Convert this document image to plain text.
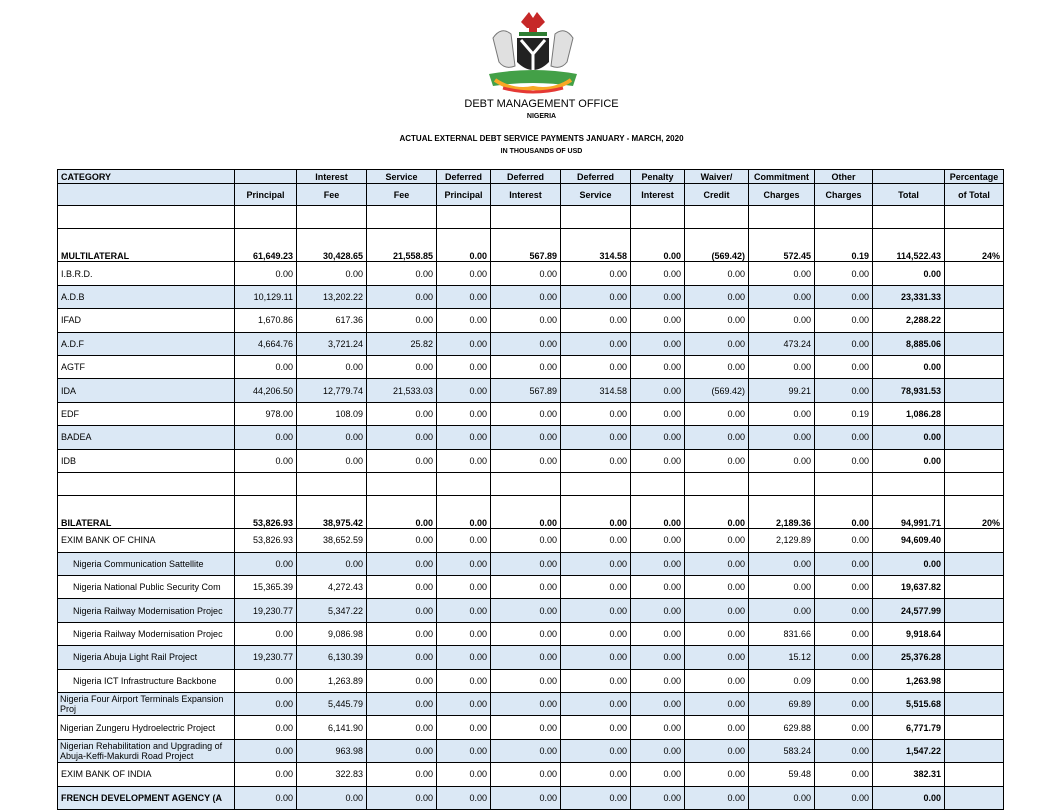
DEBT MANAGEMENT OFFICE
NIGERIA
ACTUAL EXTERNAL DEBT SERVICE PAYMENTS JANUARY - MARCH, 2020
IN THOUSANDS OF USD
CATEGORY		Interest	Service	Deferred	Deferred	Deferred	Penalty	Waiver/	Commitment	Other		Percentage
	Principal	Fee	Fee	Principal	Interest	Service	Interest	Credit	Charges	Charges	Total	of Total

MULTILATERAL	61,649.23	30,428.65	21,558.85	0.00	567.89	314.58	0.00	(569.42)	572.45	0.19	114,522.43	24%
I.B.R.D.	0.00	0.00	0.00	0.00	0.00	0.00	0.00	0.00	0.00	0.00	0.00	
A.D.B	10,129.11	13,202.22	0.00	0.00	0.00	0.00	0.00	0.00	0.00	0.00	23,331.33	
IFAD	1,670.86	617.36	0.00	0.00	0.00	0.00	0.00	0.00	0.00	0.00	2,288.22	
A.D.F	4,664.76	3,721.24	25.82	0.00	0.00	0.00	0.00	0.00	473.24	0.00	8,885.06	
AGTF	0.00	0.00	0.00	0.00	0.00	0.00	0.00	0.00	0.00	0.00	0.00	
IDA	44,206.50	12,779.74	21,533.03	0.00	567.89	314.58	0.00	(569.42)	99.21	0.00	78,931.53	
EDF	978.00	108.09	0.00	0.00	0.00	0.00	0.00	0.00	0.00	0.19	1,086.28	
BADEA	0.00	0.00	0.00	0.00	0.00	0.00	0.00	0.00	0.00	0.00	0.00	
IDB	0.00	0.00	0.00	0.00	0.00	0.00	0.00	0.00	0.00	0.00	0.00	

BILATERAL	53,826.93	38,975.42	0.00	0.00	0.00	0.00	0.00	0.00	2,189.36	0.00	94,991.71	20%
EXIM BANK OF CHINA	53,826.93	38,652.59	0.00	0.00	0.00	0.00	0.00	0.00	2,129.89	0.00	94,609.40	
Nigeria Communication Sattellite	0.00	0.00	0.00	0.00	0.00	0.00	0.00	0.00	0.00	0.00	0.00	
Nigeria National Public Security Com	15,365.39	4,272.43	0.00	0.00	0.00	0.00	0.00	0.00	0.00	0.00	19,637.82	
Nigeria Railway Modernisation Projec	19,230.77	5,347.22	0.00	0.00	0.00	0.00	0.00	0.00	0.00	0.00	24,577.99	
Nigeria Railway Modernisation Projec	0.00	9,086.98	0.00	0.00	0.00	0.00	0.00	0.00	831.66	0.00	9,918.64	
Nigeria Abuja Light Rail Project	19,230.77	6,130.39	0.00	0.00	0.00	0.00	0.00	0.00	15.12	0.00	25,376.28	
Nigeria ICT Infrastructure Backbone	0.00	1,263.89	0.00	0.00	0.00	0.00	0.00	0.00	0.09	0.00	1,263.98	
Nigeria Four Airport Terminals Expansion Proj	0.00	5,445.79	0.00	0.00	0.00	0.00	0.00	0.00	69.89	0.00	5,515.68	
Nigerian Zungeru Hydroelectric Project	0.00	6,141.90	0.00	0.00	0.00	0.00	0.00	0.00	629.88	0.00	6,771.79	
Nigerian Rehabilitation and Upgrading of Abuja-Keffi-Makurdi Road Project	0.00	963.98	0.00	0.00	0.00	0.00	0.00	0.00	583.24	0.00	1,547.22	
EXIM BANK OF INDIA	0.00	322.83	0.00	0.00	0.00	0.00	0.00	0.00	59.48	0.00	382.31	
FRENCH DEVELOPMENT AGENCY (A	0.00	0.00	0.00	0.00	0.00	0.00	0.00	0.00	0.00	0.00	0.00	
